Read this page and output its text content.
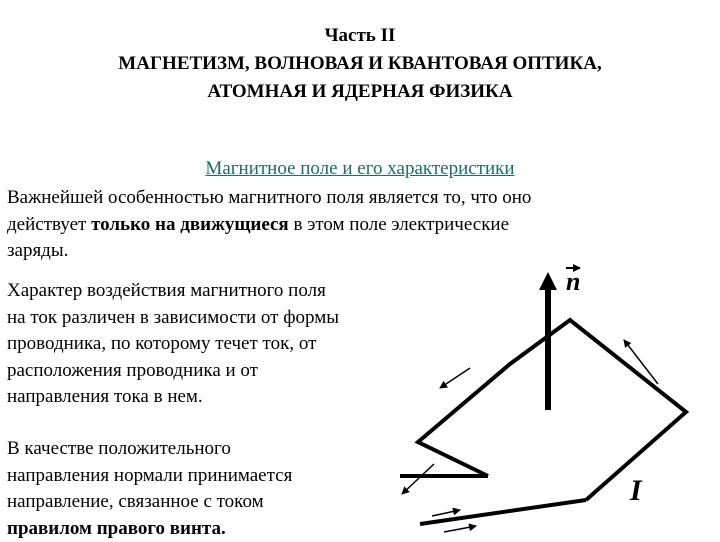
Часть II
МАГНЕТИЗМ, ВОЛНОВАЯ И КВАНТОВАЯ ОПТИКА,
АТОМНАЯ И ЯДЕРНАЯ ФИЗИКА
Магнитное поле и его характеристики
Важнейшей особенностью магнитного поля является то, что оно
действует только на движущиеся в этом поле электрические
заряды.
Характер воздействия магнитного поля
на ток различен в зависимости от формы
проводника, по которому течет ток, от
расположения проводника и от
направления тока в нем.
В качестве положительного
направления нормали принимается
направление, связанное с током
правилом правого винта.
n
I
